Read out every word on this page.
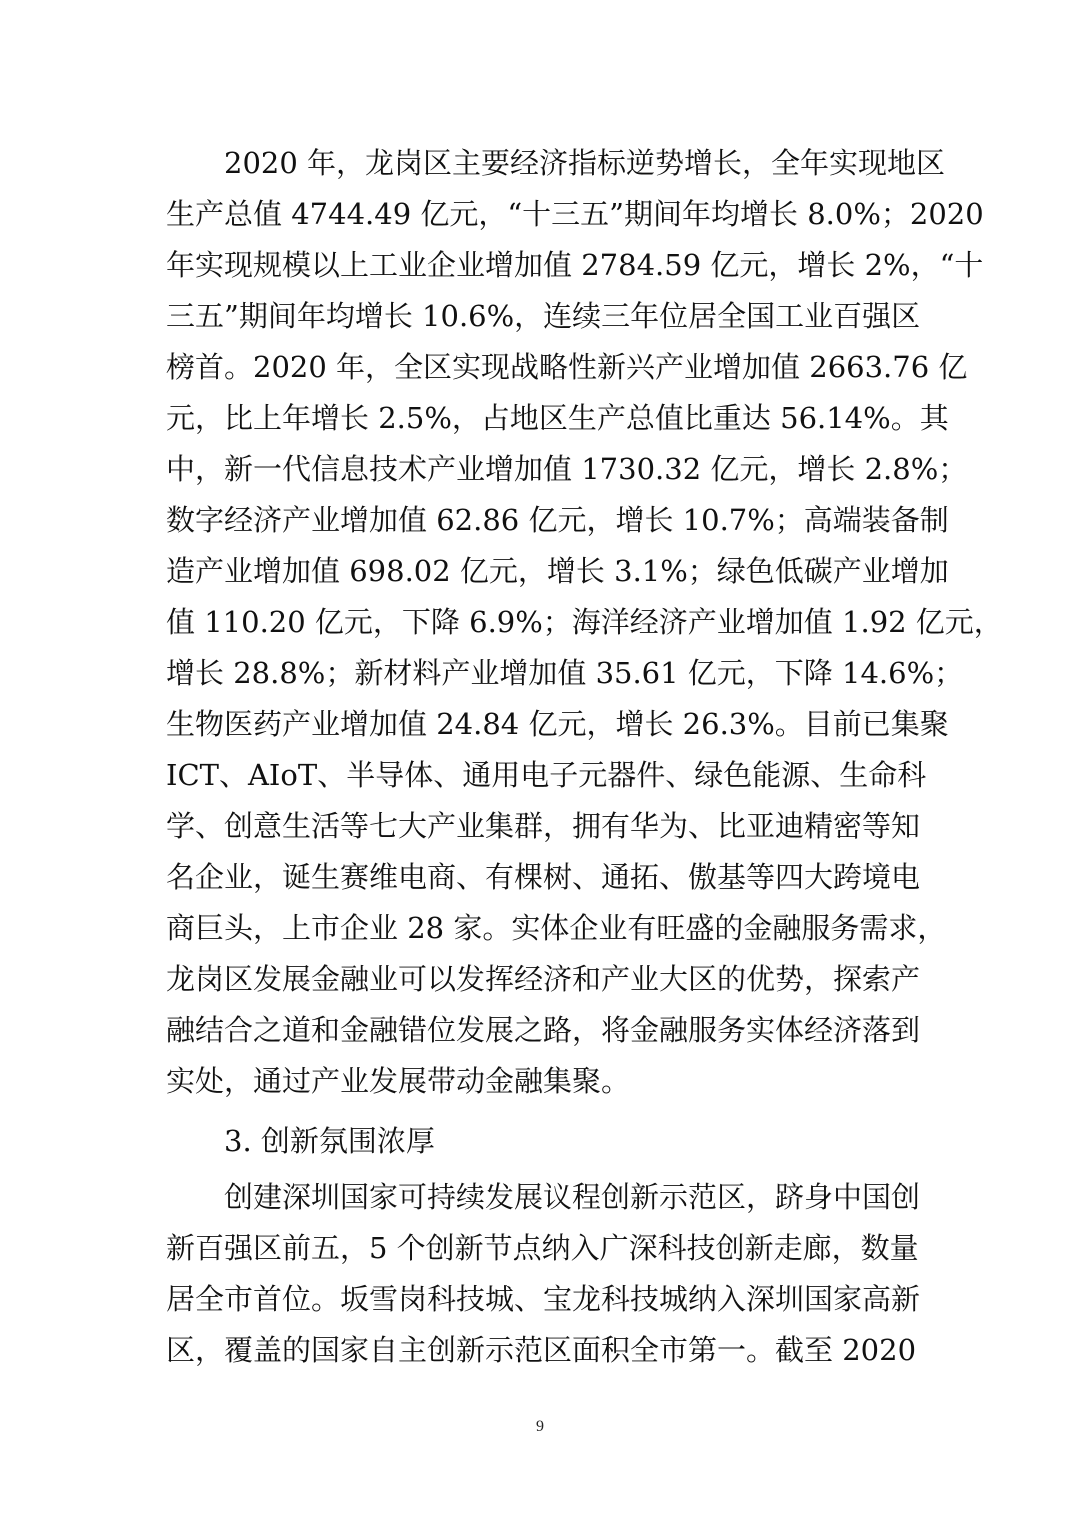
2020 年，龙岗区主要经济指标逆势增长，全年实现地区
生产总值 4744.49 亿元，“十三五”期间年均增长 8.0%；2020
年实现规模以上工业企业增加值 2784.59 亿元，增长 2%，“十
三五”期间年均增长 10.6%，连续三年位居全国工业百强区
榜首。2020 年，全区实现战略性新兴产业增加值 2663.76 亿
元，比上年增长 2.5%，占地区生产总值比重达 56.14%。其
中，新一代信息技术产业增加值 1730.32 亿元，增长 2.8%；
数字经济产业增加值 62.86 亿元，增长 10.7%；高端装备制
造产业增加值 698.02 亿元，增长 3.1%；绿色低碳产业增加
值 110.20 亿元，下降 6.9%；海洋经济产业增加值 1.92 亿元，
增长 28.8%；新材料产业增加值 35.61 亿元，下降 14.6%；
生物医药产业增加值 24.84 亿元，增长 26.3%。目前已集聚
ICT、AIoT、半导体、通用电子元器件、绿色能源、生命科
学、创意生活等七大产业集群，拥有华为、比亚迪精密等知
名企业，诞生赛维电商、有棵树、通拓、傲基等四大跨境电
商巨头，上市企业 28 家。实体企业有旺盛的金融服务需求，
龙岗区发展金融业可以发挥经济和产业大区的优势，探索产
融结合之道和金融错位发展之路，将金融服务实体经济落到
实处，通过产业发展带动金融集聚。
3. 创新氛围浓厚
创建深圳国家可持续发展议程创新示范区，跻身中国创
新百强区前五，5 个创新节点纳入广深科技创新走廊，数量
居全市首位。坂雪岗科技城、宝龙科技城纳入深圳国家高新
区，覆盖的国家自主创新示范区面积全市第一。截至 2020
9
